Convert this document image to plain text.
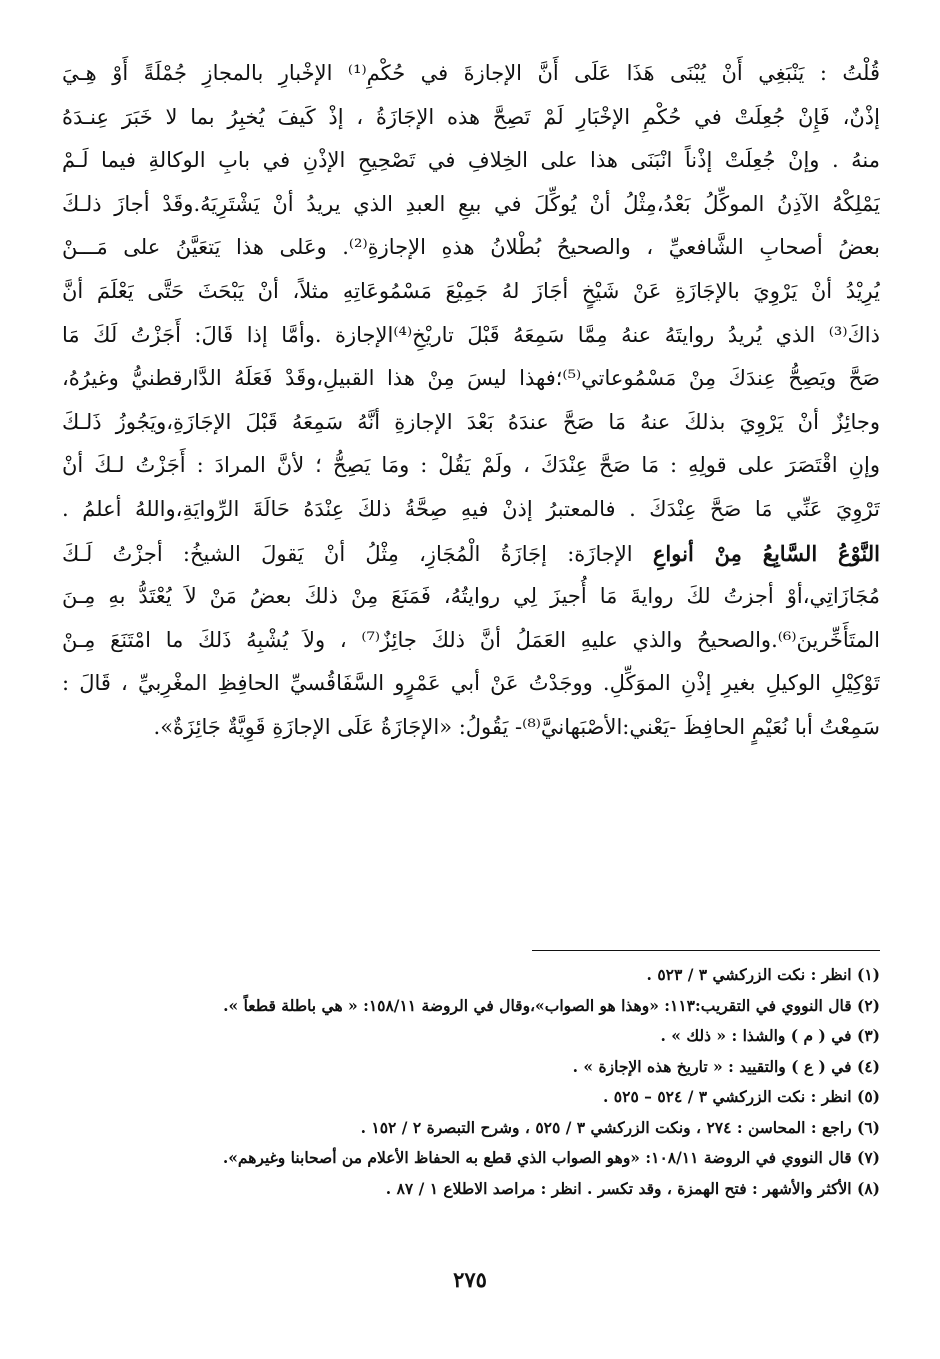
قُلْتُ : يَنْبَغِي أَنْ يُبْنَى هَذَا عَلَى أَنَّ الإجازةَ في حُكْمِ⁽¹⁾ الإخْبارِ بالمجازِ جُمْلَةً أَوْ هِـيَ
إذْنٌ، فَإِنْ جُعِلَتْ في حُكْمِ الإخْبَارِ لَمْ تَصِحَّ هذه الإجَازَةُ ، إذْ كَيفَ يُخبِرُ بما لا خَبَرَ عِنـدَهُ
منهُ . وإنْ جُعِلَتْ إذْناً انْبَنَى هذا على الخِلافِ في تَصْحِيحِ الإذْنِ في بابِ الوكالةِ فيما لَـمْ
يَمْلِكْهُ الآذِنُ الموكِّلُ بَعْدُ،مِثْلُ أنْ يُوكِّلَ في بيعِ العبدِ الذي يريدُ أنْ يَشْتَرِيَهُ.وقَدْ أجازَ ذلـكَ
بعضُ أصحابِ الشَّافعيِّ ، والصحيحُ بُطْلانُ هذهِ الإجازةِ⁽²⁾. وعَلى هذا يَتعَيَّنُ على مَـــنْ
يُرِيْدُ أنْ يَرْوِيَ بالإجَازَةِ عَنْ شَيْخٍ أجَازَ لهُ جَمِيْعَ مَسْمُوعَاتِهِ مثلاً، أنْ يَبْحَثَ حَتَّى يَعْلَمَ أنَّ
ذاكَ⁽³⁾ الذي يُريدُ روايتَهُ عنهُ مِمَّا سَمِعَهُ قَبْلَ تاريْخِ⁽⁴⁾الإجازة .وأمَّا إذا قَالَ: أَجَزْتُ لَكَ مَا
صَحَّ ويَصِحُّ عِندَكَ مِنْ مَسْمُوعاتي⁽⁵⁾؛فهذا ليسَ مِنْ هذا القبيلِ،وقَدْ فَعَلَهُ الدَّارقطنيُّ وغيرُهُ،
وجائِزٌ أنْ يَرْوِيَ بذلكَ عنهُ مَا صَحَّ عندَهُ بَعْدَ الإجازةِ أنَّهُ سَمِعَهُ قَبْلَ الإجَازَةِ،ويَجُوزُ ذَلـكَ
وإنِ اقْتَصَرَ على قولِهِ : مَا صَحَّ عِنْدَكَ ، ولَمْ يَقُلْ : ومَا يَصِحُّ ؛ لأنَّ المرادَ : أَجَزْتُ لـكَ أنْ
تَرْوِيَ عَنِّي مَا صَحَّ عِنْدَكَ . فالمعتبرُ إذنْ فيهِ صِحَّةُ ذلكَ عِنْدَهُ حَالَةَ الرِّوايَةِ،واللهُ أعلمُ .
النَّوْعُ السَّابِعُ مِنْ أنواعِ الإجازَة: إجَازَةُ الْمُجَازِ، مِثْلُ أنْ يَقولَ الشيخُ: أجزْتُ لَـكَ
مُجَازَاتِي،أوْ أجزتُ لكَ روايةَ مَا أُجيزَ لِي روايتُهُ، فَمَنَعَ مِنْ ذلكَ بعضُ مَنْ لاَ يُعْتَدُّ بهِ مِـنَ
المتَأَخِّرينَ⁽⁶⁾.والصحيحُ والذي عليهِ العَمَلُ أنَّ ذلكَ جائِزٌ⁽⁷⁾ ، ولاَ يُشْبِهُ ذَلكَ ما امْتَنَعَ مِـنْ
تَوْكِيْلِ الوكيلِ بغيرِ إذْنِ الموَكِّلِ. ووجَدْتُ عَنْ أبي عَمْرٍو السَّفَاقُسيِّ الحافِظِ المغْرِبيِّ ، قَالَ :
سَمِعْتُ أبا نُعَيْمٍ الحافِظَ -يَعْني:الأصْبَهانيَّ⁽⁸⁾- يَقُولُ: «الإجَازَةُ عَلَى الإجازَةِ قَوِيَّةٌ جَائِزَةٌ».
(١) انظر : نكت الزركشي ٣ / ٥٢٣ .
(٢) قال النووي في التقريب:١١٣: «وهذا هو الصواب»،وقال في الروضة ١٥٨/١١: « هي باطلة قطعاً ».
(٣) في ( م ) والشذا : « ذلك » .
(٤) في ( ع ) والتقييد : « تاريخ هذه الإجازة » .
(٥) انظر : نكت الزركشي ٣ / ٥٢٤ – ٥٢٥ .
(٦) راجع : المحاسن : ٢٧٤ ، ونكت الزركشي ٣ / ٥٢٥ ، وشرح التبصرة ٢ / ١٥٢ .
(٧) قال النووي في الروضة ١٠٨/١١: «وهو الصواب الذي قطع به الحفاظ الأعلام من أصحابنا وغيرهم».
(٨) الأكثر والأشهر : فتح الهمزة ، وقد تكسر . انظر : مراصد الاطلاع ١ / ٨٧ .
٢٧٥
